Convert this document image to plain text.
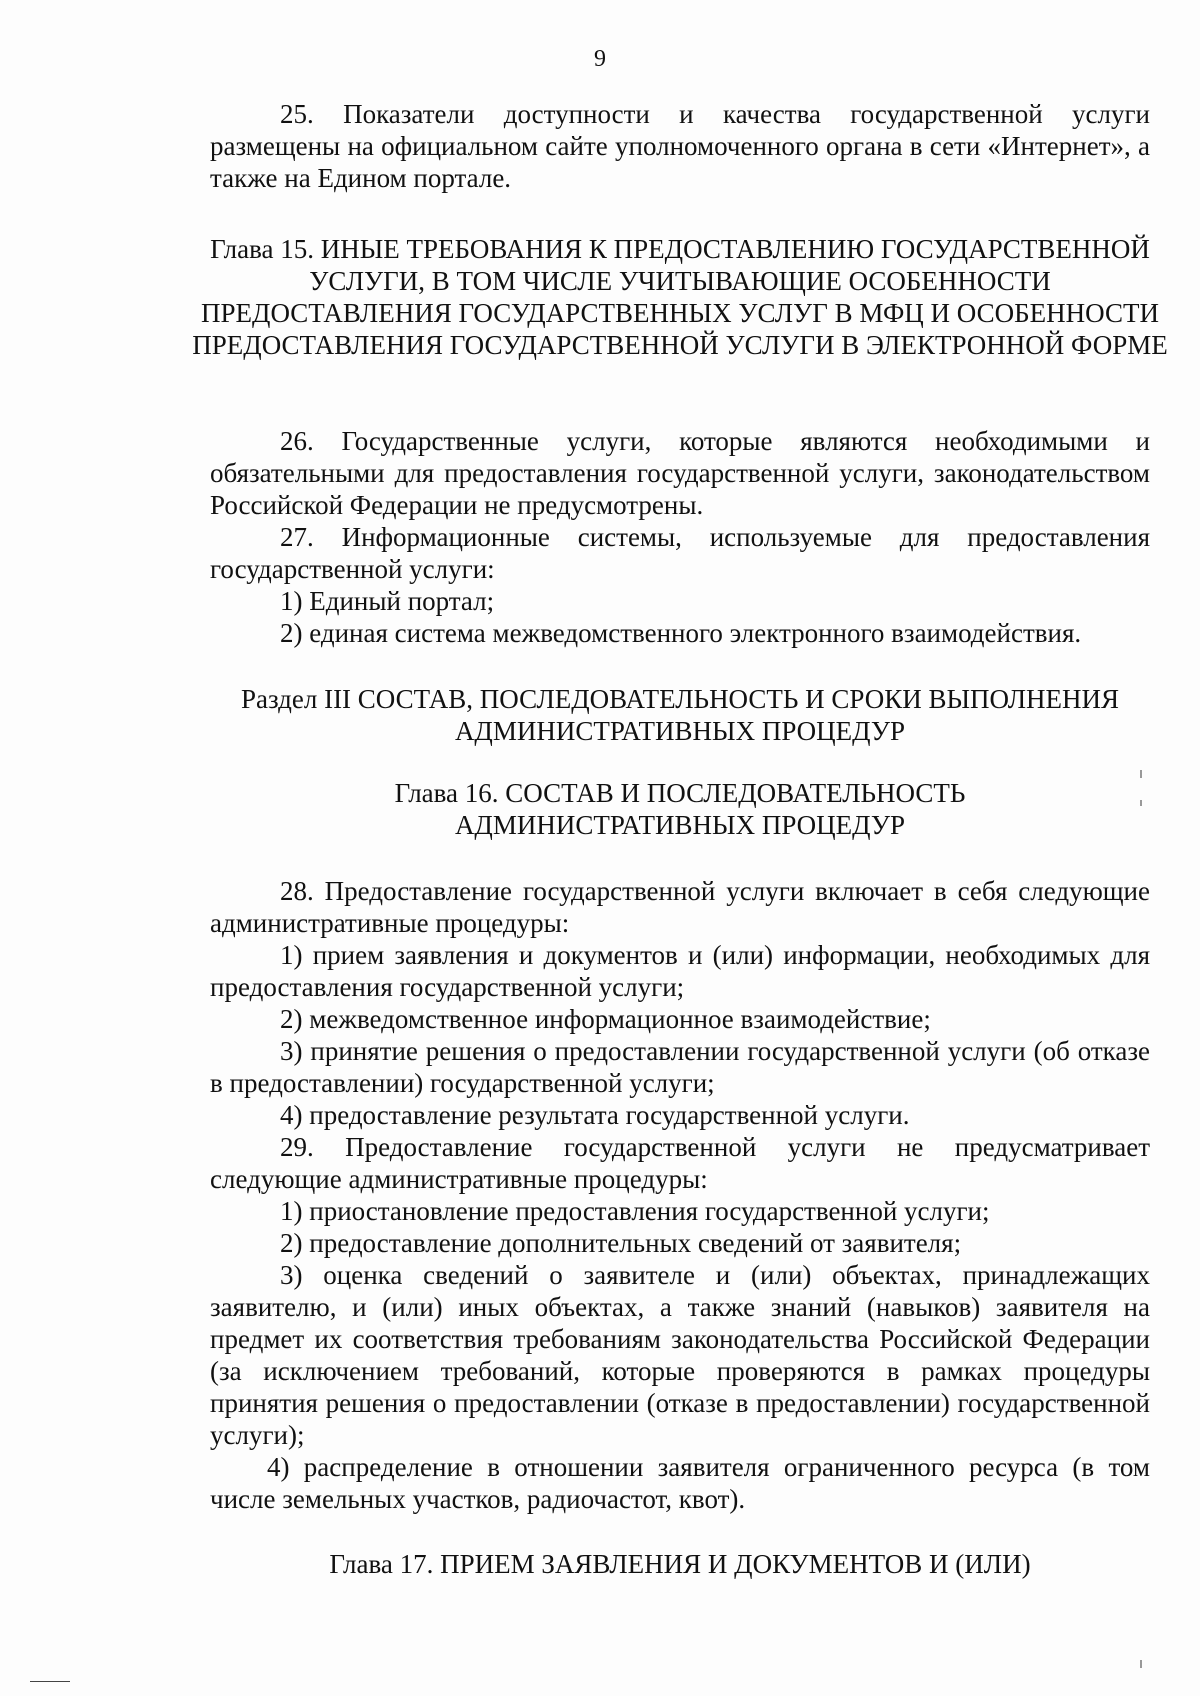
9

25. Показатели доступности и качества государственной услуги размещены на официальном сайте уполномоченного органа в сети «Интернет», а также на Едином портале.

Глава 15. ИНЫЕ ТРЕБОВАНИЯ К ПРЕДОСТАВЛЕНИЮ ГОСУДАРСТВЕННОЙ УСЛУГИ, В ТОМ ЧИСЛЕ УЧИТЫВАЮЩИЕ ОСОБЕННОСТИ ПРЕДОСТАВЛЕНИЯ ГОСУДАРСТВЕННЫХ УСЛУГ В МФЦ И ОСОБЕННОСТИ ПРЕДОСТАВЛЕНИЯ ГОСУДАРСТВЕННОЙ УСЛУГИ В ЭЛЕКТРОННОЙ ФОРМЕ

26. Государственные услуги, которые являются необходимыми и обязательными для предоставления государственной услуги, законодательством Российской Федерации не предусмотрены.

27. Информационные системы, используемые для предоставления государственной услуги:

1) Единый портал;

2) единая система межведомственного электронного взаимодействия.

Раздел III СОСТАВ, ПОСЛЕДОВАТЕЛЬНОСТЬ И СРОКИ ВЫПОЛНЕНИЯ АДМИНИСТРАТИВНЫХ ПРОЦЕДУР
Глава 16. СОСТАВ И ПОСЛЕДОВАТЕЛЬНОСТЬ АДМИНИСТРАТИВНЫХ ПРОЦЕДУР

28. Предоставление государственной услуги включает в себя следующие административные процедуры:

1) прием заявления и документов и (или) информации, необходимых для предоставления государственной услуги;

2) межведомственное информационное взаимодействие;

3) принятие решения о предоставлении государственной услуги (об отказе в предоставлении) государственной услуги;

4) предоставление результата государственной услуги.

29. Предоставление государственной услуги не предусматривает следующие административные процедуры:

1) приостановление предоставления государственной услуги;

2) предоставление дополнительных сведений от заявителя;

3) оценка сведений о заявителе и (или) объектах, принадлежащих заявителю, и (или) иных объектах, а также знаний (навыков) заявителя на предмет их соответствия требованиям законодательства Российской Федерации (за исключением требований, которые проверяются в рамках процедуры принятия решения о предоставлении (отказе в предоставлении) государственной услуги);

4) распределение в отношении заявителя ограниченного ресурса (в том числе земельных участков, радиочастот, квот).

Глава 17. ПРИЕМ ЗАЯВЛЕНИЯ И ДОКУМЕНТОВ И (ИЛИ)
